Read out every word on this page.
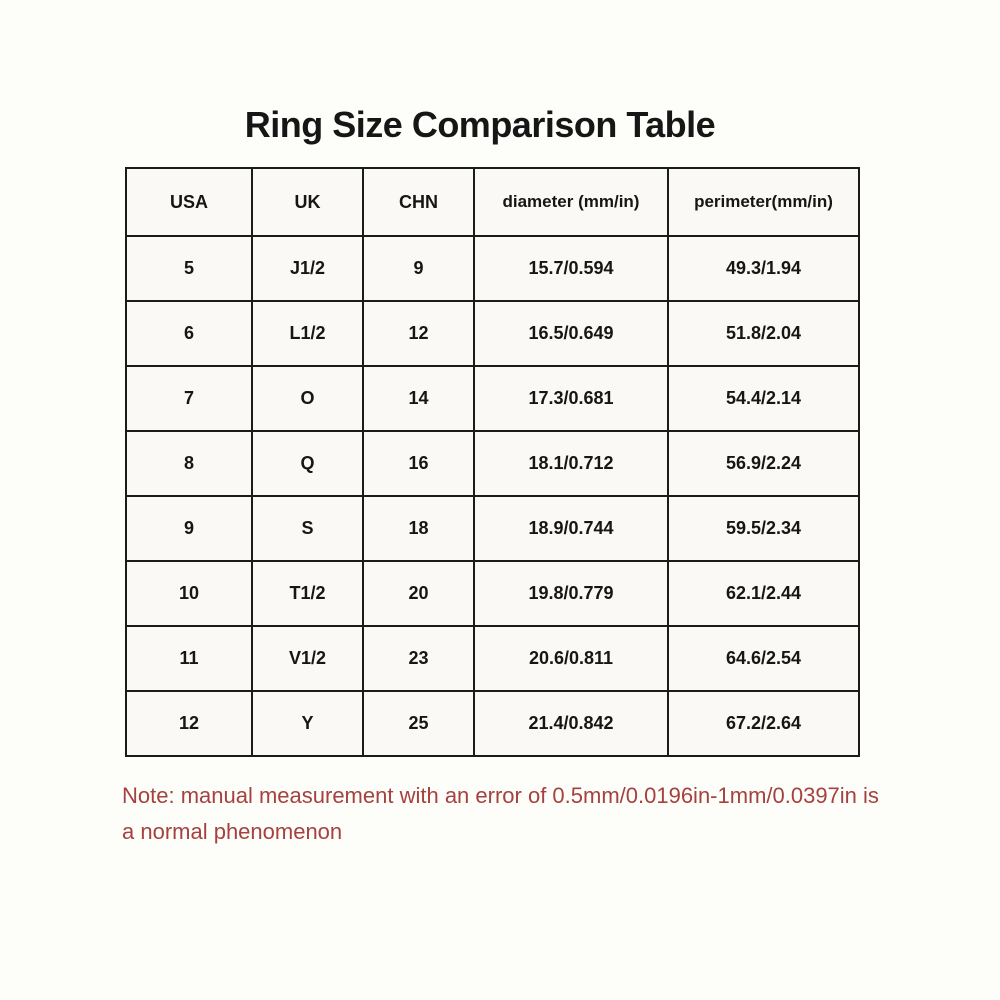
Ring Size Comparison Table
USA	UK	CHN	diameter (mm/in)	perimeter(mm/in)
5	J1/2	9	15.7/0.594	49.3/1.94
6	L1/2	12	16.5/0.649	51.8/2.04
7	O	14	17.3/0.681	54.4/2.14
8	Q	16	18.1/0.712	56.9/2.24
9	S	18	18.9/0.744	59.5/2.34
10	T1/2	20	19.8/0.779	62.1/2.44
11	V1/2	23	20.6/0.811	64.6/2.54
12	Y	25	21.4/0.842	67.2/2.64

Note: manual measurement with an error of 0.5mm/0.0196in-1mm/0.0397in is a normal phenomenon
